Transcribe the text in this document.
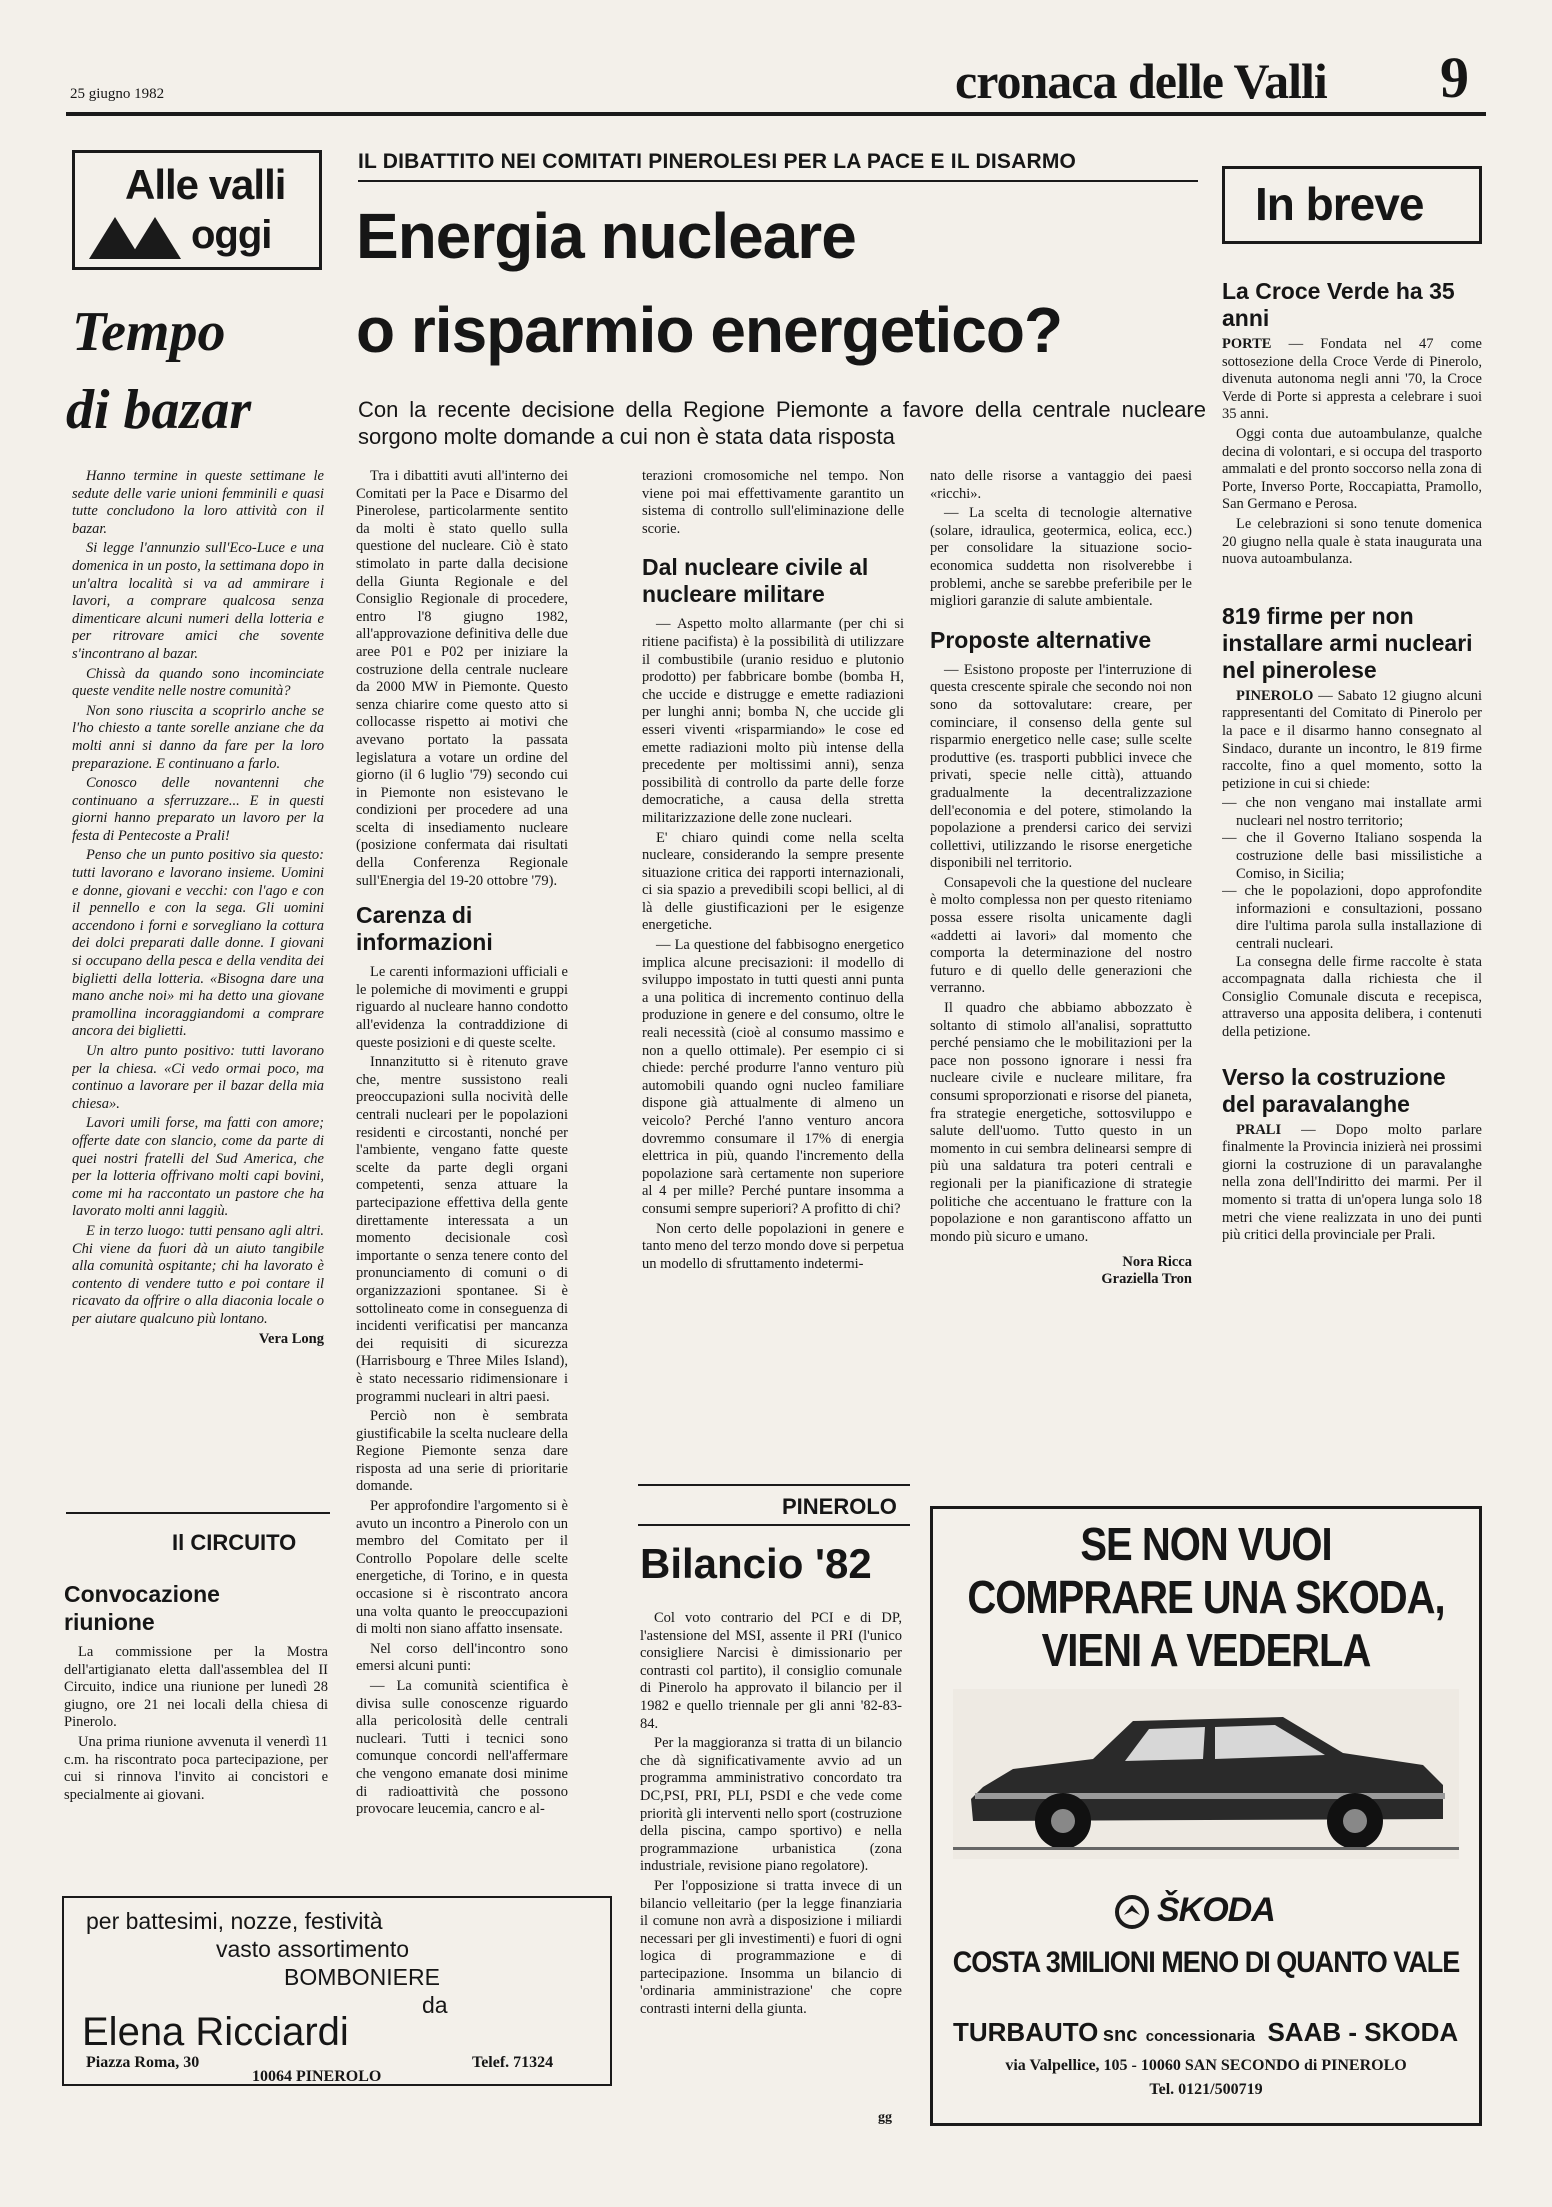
25 giugno 1982	cronaca delle Valli 9
Alle valli
oggi
Tempo
di bazar

Hanno termine in queste settimane le sedute delle varie unioni femminili e quasi tutte concludono la loro attività con il bazar.

Si legge l'annunzio sull'Eco-Luce e una domenica in un posto, la settimana dopo in un'altra località si va ad ammirare i lavori, a comprare qualcosa senza dimenticare alcuni numeri della lotteria e per ritrovare amici che sovente s'incontrano al bazar.

Chissà da quando sono incominciate queste vendite nelle nostre comunità?

Non sono riuscita a scoprirlo anche se l'ho chiesto a tante sorelle anziane che da molti anni si danno da fare per la loro preparazione. E continuano a farlo.

Conosco delle novantenni che continuano a sferruzzare... E in questi giorni hanno preparato un lavoro per la festa di Pentecoste a Prali!

Penso che un punto positivo sia questo: tutti lavorano e lavorano insieme. Uomini e donne, giovani e vecchi: con l'ago e con il pennello e con la sega. Gli uomini accendono i forni e sorvegliano la cottura dei dolci preparati dalle donne. I giovani si occupano della pesca e della vendita dei biglietti della lotteria. «Bisogna dare una mano anche noi» mi ha detto una giovane pramollina incoraggiandomi a comprare ancora dei biglietti.

Un altro punto positivo: tutti lavorano per la chiesa. «Ci vedo ormai poco, ma continuo a lavorare per il bazar della mia chiesa».

Lavori umili forse, ma fatti con amore; offerte date con slancio, come da parte di quei nostri fratelli del Sud America, che per la lotteria offrivano molti capi bovini, come mi ha raccontato un pastore che ha lavorato molti anni laggiù.

E in terzo luogo: tutti pensano agli altri. Chi viene da fuori dà un aiuto tangibile alla comunità ospitante; chi ha lavorato è contento di vendere tutto e poi contare il ricavato da offrire o alla diaconia locale o per aiutare qualcuno più lontano.

Vera Long
Il CIRCUITO
Convocazione riunione

La commissione per la Mostra dell'artigianato eletta dall'assemblea del II Circuito, indice una riunione per lunedì 28 giugno, ore 21 nei locali della chiesa di Pinerolo.

Una prima riunione avvenuta il venerdì 11 c.m. ha riscontrato poca partecipazione, per cui si rinnova l'invito ai concistori e specialmente ai giovani.

per battesimi, nozze, festività
vasto assortimento
BOMBONIERE
da
Elena Ricciardi
Piazza Roma, 30
10064 PINEROLO
Telef. 71324
IL DIBATTITO NEI COMITATI PINEROLESI PER LA PACE E IL DISARMO
Energia nucleare
o risparmio energetico?
Con la recente decisione della Regione Piemonte a favore della centrale nucleare sorgono molte domande a cui non è stata data risposta

Tra i dibattiti avuti all'interno dei Comitati per la Pace e Disarmo del Pinerolese, particolarmente sentito da molti è stato quello sulla questione del nucleare. Ciò è stato stimolato in parte dalla decisione della Giunta Regionale e del Consiglio Regionale di procedere, entro l'8 giugno 1982, all'approvazione definitiva delle due aree P01 e P02 per iniziare la costruzione della centrale nucleare da 2000 MW in Piemonte. Questo senza chiarire come questo atto si collocasse rispetto ai motivi che avevano portato la passata legislatura a votare un ordine del giorno (il 6 luglio '79) secondo cui in Piemonte non esistevano le condizioni per procedere ad una scelta di insediamento nucleare (posizione confermata dai risultati della Conferenza Regionale sull'Energia del 19-20 ottobre '79).

Carenza di informazioni

Le carenti informazioni ufficiali e le polemiche di movimenti e gruppi riguardo al nucleare hanno condotto all'evidenza la contraddizione di queste posizioni e di queste scelte.

Innanzitutto si è ritenuto grave che, mentre sussistono reali preoccupazioni sulla nocività delle centrali nucleari per le popolazioni residenti e circostanti, nonché per l'ambiente, vengano fatte queste scelte da parte degli organi competenti, senza attuare la partecipazione effettiva della gente direttamente interessata a un momento decisionale così importante o senza tenere conto del pronunciamento di comuni o di organizzazioni spontanee. Si è sottolineato come in conseguenza di incidenti verificatisi per mancanza dei requisiti di sicurezza (Harrisbourg e Three Miles Island), è stato necessario ridimensionare i programmi nucleari in altri paesi.

Perciò non è sembrata giustificabile la scelta nucleare della Regione Piemonte senza dare risposta ad una serie di prioritarie domande.

Per approfondire l'argomento si è avuto un incontro a Pinerolo con un membro del Comitato per il Controllo Popolare delle scelte energetiche, di Torino, e in questa occasione si è riscontrato ancora una volta quanto le preoccupazioni di molti non siano affatto insensate.

Nel corso dell'incontro sono emersi alcuni punti:

— La comunità scientifica è divisa sulle conoscenze riguardo alla pericolosità delle centrali nucleari. Tutti i tecnici sono comunque concordi nell'affermare che vengono emanate dosi minime di radioattività che possono provocare leucemia, cancro e al-

terazioni cromosomiche nel tempo. Non viene poi mai effettivamente garantito un sistema di controllo sull'eliminazione delle scorie.

Dal nucleare civile al nucleare militare

— Aspetto molto allarmante (per chi si ritiene pacifista) è la possibilità di utilizzare il combustibile (uranio residuo e plutonio prodotto) per fabbricare bombe (bomba H, che uccide e distrugge e emette radiazioni per lunghi anni; bomba N, che uccide gli esseri viventi «risparmiando» le cose ed emette radiazioni molto più intense della precedente per moltissimi anni), senza possibilità di controllo da parte delle forze democratiche, a causa della stretta militarizzazione delle zone nucleari.

E' chiaro quindi come nella scelta nucleare, considerando la sempre presente situazione critica dei rapporti internazionali, ci sia spazio a prevedibili scopi bellici, al di là delle giustificazioni per le esigenze energetiche.

— La questione del fabbisogno energetico implica alcune precisazioni: il modello di sviluppo impostato in tutti questi anni punta a una politica di incremento continuo della produzione in genere e del consumo, oltre le reali necessità (cioè al consumo massimo e non a quello ottimale). Per esempio ci si chiede: perché produrre l'anno venturo più automobili quando ogni nucleo familiare dispone già attualmente di almeno un veicolo? Perché l'anno venturo ancora dovremmo consumare il 17% di energia elettrica in più, quando l'incremento della popolazione sarà certamente non superiore al 4 per mille? Perché puntare insomma a consumi sempre superiori? A profitto di chi?

Non certo delle popolazioni in genere e tanto meno del terzo mondo dove si perpetua un modello di sfruttamento indetermi-

nato delle risorse a vantaggio dei paesi «ricchi».

— La scelta di tecnologie alternative (solare, idraulica, geotermica, eolica, ecc.) per consolidare la situazione socio-economica suddetta non risolverebbe i problemi, anche se sarebbe preferibile per le migliori garanzie di salute ambientale.

Proposte alternative

— Esistono proposte per l'interruzione di questa crescente spirale che secondo noi non sono da sottovalutare: creare, per cominciare, il consenso della gente sul risparmio energetico nelle case; sulle scelte produttive (es. trasporti pubblici invece che privati, specie nelle città), attuando gradualmente la decentralizzazione dell'economia e del potere, stimolando la popolazione a prendersi carico dei servizi collettivi, utilizzando le risorse energetiche disponibili nel territorio.

Consapevoli che la questione del nucleare è molto complessa non per questo riteniamo possa essere risolta unicamente dagli «addetti ai lavori» dal momento che comporta la determinazione del nostro futuro e di quello delle generazioni che verranno.

Il quadro che abbiamo abbozzato è soltanto di stimolo all'analisi, soprattutto perché pensiamo che le mobilitazioni per la pace non possono ignorare i nessi fra nucleare civile e nucleare militare, fra consumi sproporzionati e risorse del pianeta, fra strategie energetiche, sottosviluppo e salute dell'uomo. Tutto questo in un momento in cui sembra delinearsi sempre di più una saldatura tra poteri centrali e regionali per la pianificazione di strategie politiche che accentuano le fratture con la popolazione e non garantiscono affatto un mondo più sicuro e umano.

Nora Ricca
Graziella Tron
PINEROLO
Bilancio '82

Col voto contrario del PCI e di DP, l'astensione del MSI, assente il PRI (l'unico consigliere Narcisi è dimissionario per contrasti col partito), il consiglio comunale di Pinerolo ha approvato il bilancio per il 1982 e quello triennale per gli anni '82-83-84.

Per la maggioranza si tratta di un bilancio che dà significativamente avvio ad un programma amministrativo concordato tra DC,PSI, PRI, PLI, PSDI e che vede come priorità gli interventi nello sport (costruzione della piscina, campo sportivo) e nella programmazione urbanistica (zona industriale, revisione piano regolatore).

Per l'opposizione si tratta invece di un bilancio velleitario (per la legge finanziaria il comune non avrà a disposizione i miliardi necessari per gli investimenti) e fuori di ogni logica di programmazione e di partecipazione. Insomma un bilancio di 'ordinaria amministrazione' che copre contrasti interni della giunta.

gg
In breve
La Croce Verde ha 35 anni

PORTE — Fondata nel 47 come sottosezione della Croce Verde di Pinerolo, divenuta autonoma negli anni '70, la Croce Verde di Porte si appresta a celebrare i suoi 35 anni.

Oggi conta due autoambulanze, qualche decina di volontari, e si occupa del trasporto ammalati e del pronto soccorso nella zona di Porte, Inverso Porte, Roccapiatta, Pramollo, San Germano e Perosa.

Le celebrazioni si sono tenute domenica 20 giugno nella quale è stata inaugurata una nuova autoambulanza.

819 firme per non installare armi nucleari nel pinerolese

PINEROLO — Sabato 12 giugno alcuni rappresentanti del Comitato di Pinerolo per la pace e il disarmo hanno consegnato al Sindaco, durante un incontro, le 819 firme raccolte, fino a quel momento, sotto la petizione in cui si chiede:

— che non vengano mai installate armi nucleari nel nostro territorio;
— che il Governo Italiano sospenda la costruzione delle basi missilistiche a Comiso, in Sicilia;
— che le popolazioni, dopo approfondite informazioni e consultazioni, possano dire l'ultima parola sulla installazione di centrali nucleari.

La consegna delle firme raccolte è stata accompagnata dalla richiesta che il Consiglio Comunale discuta e recepisca, attraverso una apposita delibera, i contenuti della petizione.

Verso la costruzione del paravalanghe

PRALI — Dopo molto parlare finalmente la Provincia inizierà nei prossimi giorni la costruzione di un paravalanghe nella zona dell'Indiritto dei marmi. Per il momento si tratta di un'opera lunga solo 18 metri che viene realizzata in uno dei punti più critici della provinciale per Prali.

SE NON VUOI
COMPRARE UNA SKODA,
VIENI A VEDERLA
ŠKODA
COSTA 3MILIONI MENO DI QUANTO VALE
TURBAUTO snc concessionaria SAAB - SKODA
via Valpellice, 105 - 10060 SAN SECONDO di PINEROLO
Tel. 0121/500719
